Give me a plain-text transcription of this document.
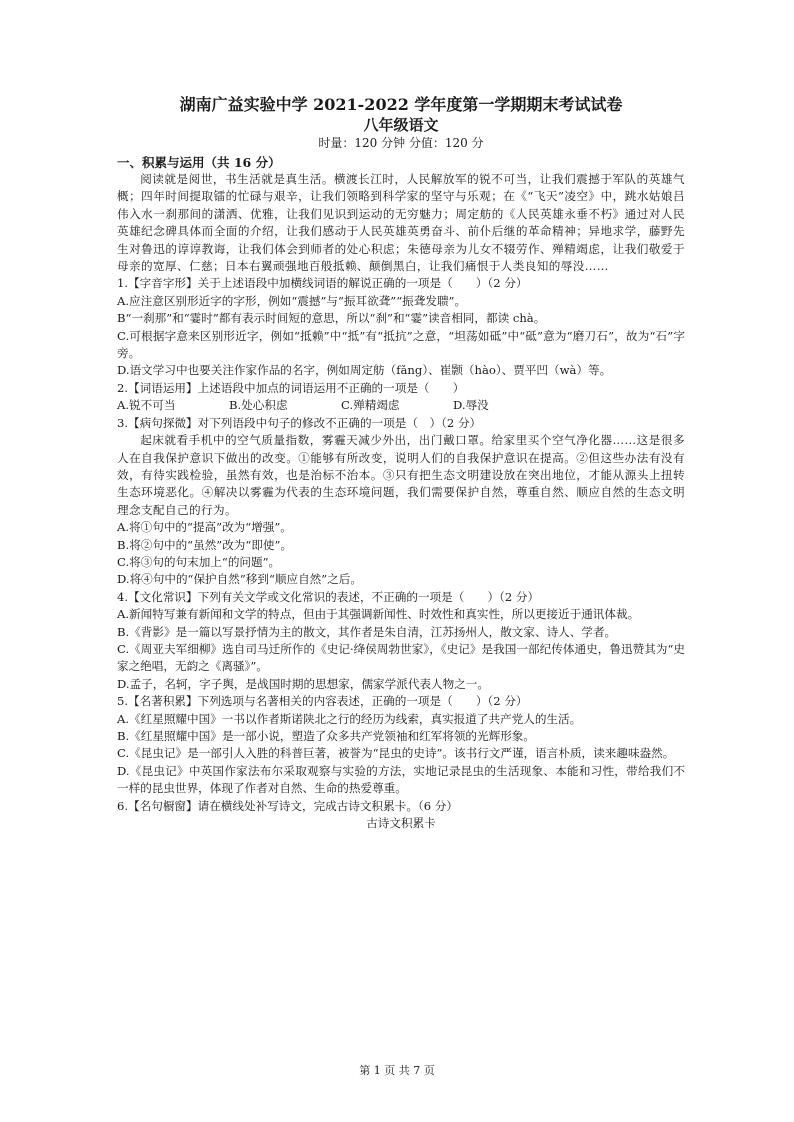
湖南广益实验中学 2021-2022 学年度第一学期期末考试试卷

八年级语文

时量：120 分钟 分值：120 分

一、积累与运用（共 16 分）

阅读就是阅世，书生活就是真生活。横渡长江时，人民解放军的锐不可当，让我们震撼于军队的英雄气概；四年时间提取镭的忙碌与艰辛，让我们领略到科学家的坚守与乐观；在《“飞天”凌空》中，跳水姑娘吕伟入水一刹那间的潇洒、优雅，让我们见识到运动的无穷魅力；周定舫的《人民英雄永垂不朽》通过对人民英雄纪念碑具体而全面的介绍，让我们感动于人民英雄英勇奋斗、前仆后继的革命精神；异地求学，藤野先生对鲁迅的谆谆教诲，让我们体会到师者的处心积虑；朱德母亲为儿女不辍劳作、殚精竭虑，让我们敬爱于母亲的宽厚、仁慈；日本右翼顽强地百般抵赖、颠倒黑白，让我们痛恨于人类良知的辱没……

1.【字音字形】关于上述语段中加横线词语的解说正确的一项是（　　）（2 分）

A.应注意区别形近字的字形，例如“震撼”与“振耳欲聋”“振聋发聩”。

B“一刹那”和“霎时”都有表示时间短的意思，所以“刹”和“霎”读音相同，都读 chà。

C.可根据字意来区别形近字，例如“抵赖”中“抵”有“抵抗”之意，“坦荡如砥”中“砥”意为“磨刀石”，故为“石”字旁。

D.语文学习中也要关注作家作品的名字，例如周定舫（fǎng）、崔颢（hào）、贾平凹（wà）等。

2.【词语运用】上述语段中加点的词语运用不正确的一项是（　　）

A.锐不可当	B.处心积虑	C.殚精竭虑	D.辱没

3.【病句探微】对下列语段中句子的修改不正确的一项是（　）（2 分）

起床就看手机中的空气质量指数，雾霾天减少外出，出门戴口罩。给家里买个空气净化器……这是很多人在自我保护意识下做出的改变。①能够有所改变，说明人们的自我保护意识在提高。②但这些办法有没有效，有待实践检验，虽然有效，也是治标不治本。③只有把生态文明建设放在突出地位，才能从源头上扭转生态环境恶化。④解决以雾霾为代表的生态环境问题，我们需要保护自然，尊重自然、顺应自然的生态文明理念支配自己的行为。

A.将①句中的“提高”改为“增强”。

B.将②句中的“虽然”改为“即使”。

C.将③句的句末加上“的问题”。

D.将④句中的“保护自然”移到“顺应自然”之后。

4.【文化常识】下列有关文学或文化常识的表述，不正确的一项是（　　）（2 分）

A.新闻特写兼有新闻和文学的特点，但由于其强调新闻性、时效性和真实性，所以更接近于通讯体裁。

B.《背影》是一篇以写景抒情为主的散文，其作者是朱自清，江苏扬州人，散文家、诗人、学者。

C.《周亚夫军细柳》选自司马迁所作的《史记·绛侯周勃世家》，《史记》是我国一部纪传体通史，鲁迅赞其为“史家之绝唱，无韵之《离骚》”。

D.孟子，名轲，字子舆，是战国时期的思想家，儒家学派代表人物之一。

5.【名著积累】下列选项与名著相关的内容表述，正确的一项是（　　）（2 分）

A.《红星照耀中国》一书以作者斯诺陕北之行的经历为线索，真实报道了共产党人的生活。

B.《红星照耀中国》是一部小说，塑造了众多共产党领袖和红军将领的光辉形象。

C.《昆虫记》是一部引人入胜的科普巨著，被誉为“昆虫的史诗”。该书行文严谨，语言朴质，读来趣味盎然。

D.《昆虫记》中英国作家法布尔采取观察与实验的方法，实地记录昆虫的生活现象、本能和习性，带给我们不一样的昆虫世界，体现了作者对自然、生命的热爱尊重。

6.【名句橱窗】请在横线处补写诗文，完成古诗文积累卡。（6 分）

古诗文积累卡

第 1 页 共 7 页
